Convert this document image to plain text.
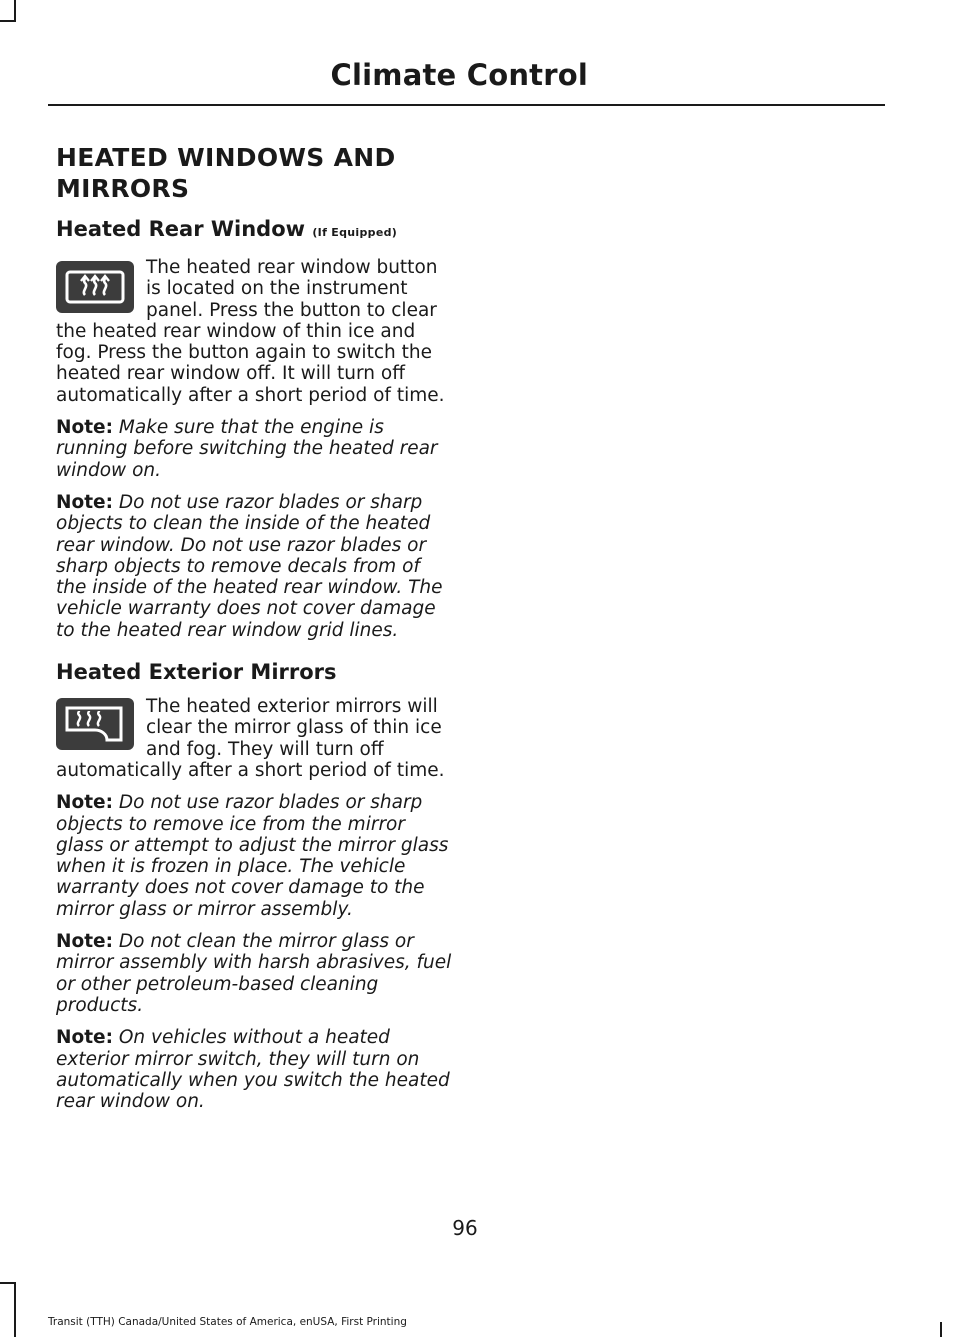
Climate Control
HEATED WINDOWS AND MIRRORS
Heated Rear Window (If Equipped)

The heated rear window button is located on the instrument panel. Press the button to clear the heated rear window of thin ice and fog. Press the button again to switch the heated rear window off. It will turn off automatically after a short period of time.

Note: Make sure that the engine is running before switching the heated rear window on.

Note: Do not use razor blades or sharp objects to clean the inside of the heated rear window. Do not use razor blades or sharp objects to remove decals from of the inside of the heated rear window. The vehicle warranty does not cover damage to the heated rear window grid lines.

Heated Exterior Mirrors

The heated exterior mirrors will clear the mirror glass of thin ice and fog. They will turn off automatically after a short period of time.

Note: Do not use razor blades or sharp objects to remove ice from the mirror glass or attempt to adjust the mirror glass when it is frozen in place. The vehicle warranty does not cover damage to the mirror glass or mirror assembly.

Note: Do not clean the mirror glass or mirror assembly with harsh abrasives, fuel or other petroleum-based cleaning products.

Note: On vehicles without a heated exterior mirror switch, they will turn on automatically when you switch the heated rear window on.

96
Transit (TTH) Canada/United States of America, enUSA, First Printing
